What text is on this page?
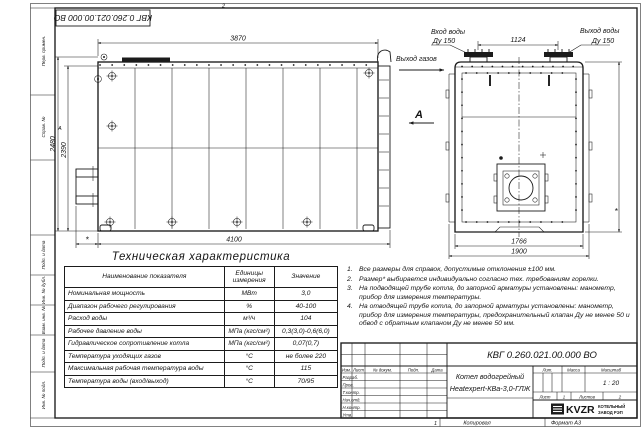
Перв. примен.
Справ. №
Подп. и дата
Инв. № дубл.
Взам. инв. №
Подп. и дата
Инв. № подл.
КВГ 0.260.021.00.000 ВО
2
1
А
Копировал	Формат А3
3870
2480 2390
*	4100
1124
1766
1900
*
Вход воды
Ду 150
Выход воды
Ду 150
Выход газов
А
КВГ 0.260.021.00.000 ВО
Изм. Лист № докум.	Подп.	Дата
Разраб.
Пров.
Т.контр.
Нач.отд.
Н.контр.
Утв.
Котел водогрейный
Heatexpert-КВа-3,0-ГЛЖ
Лит.	Масса	Масштаб
1 : 20
Лист	1	Листов	2
KVZR КОТЕЛЬНЫЙ
ЗАВОД РЭП
Техническая характеристика
Наименование показателя	Единицы измерения	Значение
Номинальная мощность	МВт	3,0
Диапазон рабочего регулирования	%	40-100
Расход воды	м³/ч	104
Рабочее давление воды	МПа (кгс/см²)	0,3(3,0)-0,6(6,0)
Гидравлическое сопротивление котла	МПа (кгс/см²)	0,07(0,7)
Температура уходящих газов	°С	не более 220
Максимальная рабочая температура воды	°С	115
Температура воды (вход/выход)	°С	70/95
1. Все размеры для справок, допустимые отклонения ±100 мм.
2. Размер* выбирается индивидуально согласно тех. требованиям горелки.
3. На подводящей трубе котла, до запорной арматуры установлены: манометр, прибор для измерения температуры.
4. На отводящей трубе котла, до запорной арматуры установлены: манометр, прибор для измерения температуры, предохранительный клапан Ду не менее 50 и обвод с обратным клапаном Ду не менее 50 мм.
